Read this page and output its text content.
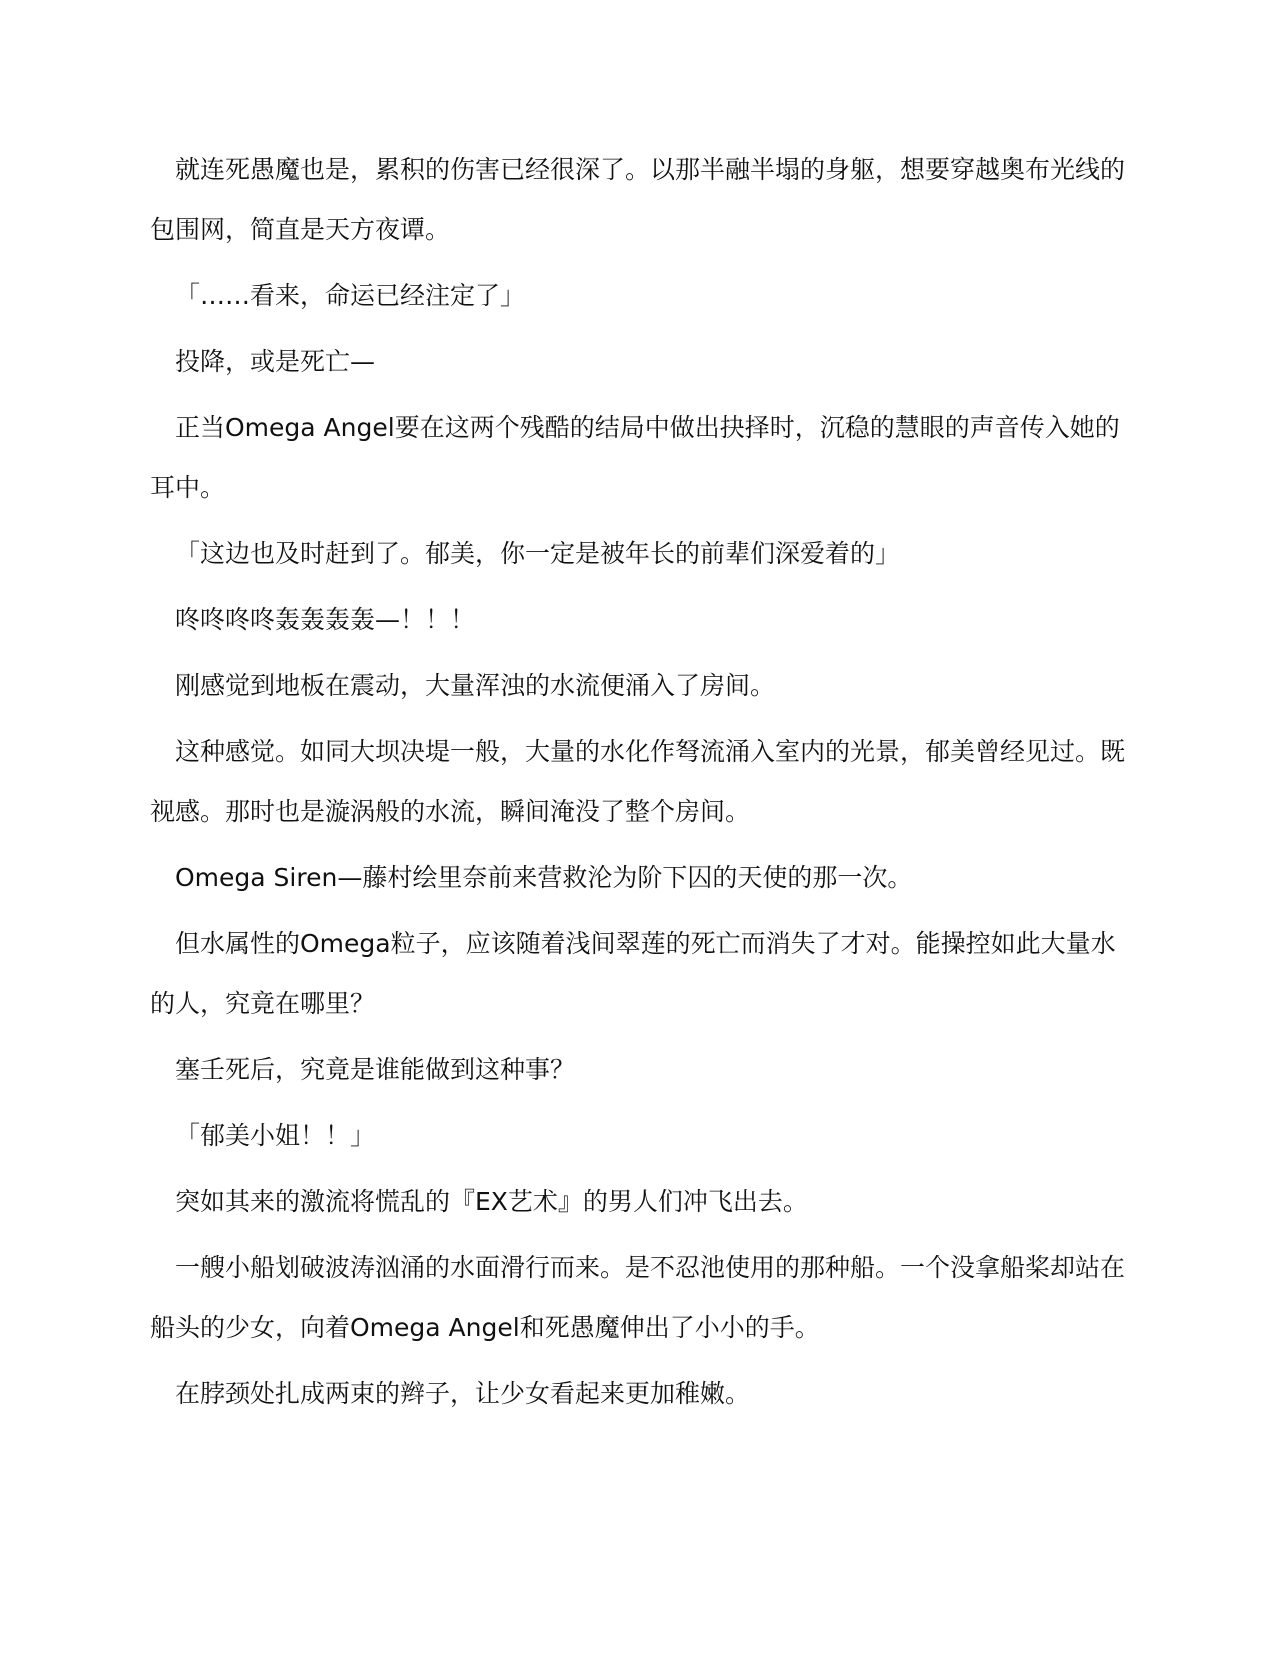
就连死愚魔也是，累积的伤害已经很深了。以那半融半塌的身躯，想要穿越奥布光线的包围网，简直是天方夜谭。

「……看来，命运已经注定了」

投降，或是死亡—

正当Omega Angel要在这两个残酷的结局中做出抉择时，沉稳的慧眼的声音传入她的耳中。

「这边也及时赶到了。郁美，你一定是被年长的前辈们深爱着的」

咚咚咚咚轰轰轰轰—！！！

刚感觉到地板在震动，大量浑浊的水流便涌入了房间。

这种感觉。如同大坝决堤一般，大量的水化作弩流涌入室内的光景，郁美曾经见过。既视感。那时也是漩涡般的水流，瞬间淹没了整个房间。

Omega Siren—藤村绘里奈前来营救沦为阶下囚的天使的那一次。

但水属性的Omega粒子，应该随着浅间翠莲的死亡而消失了才对。能操控如此大量水的人，究竟在哪里？

塞壬死后，究竟是谁能做到这种事？

「郁美小姐！！」

突如其来的激流将慌乱的『EX艺术』的男人们冲飞出去。

一艘小船划破波涛汹涌的水面滑行而来。是不忍池使用的那种船。一个没拿船桨却站在船头的少女，向着Omega Angel和死愚魔伸出了小小的手。

在脖颈处扎成两束的辫子，让少女看起来更加稚嫩。
